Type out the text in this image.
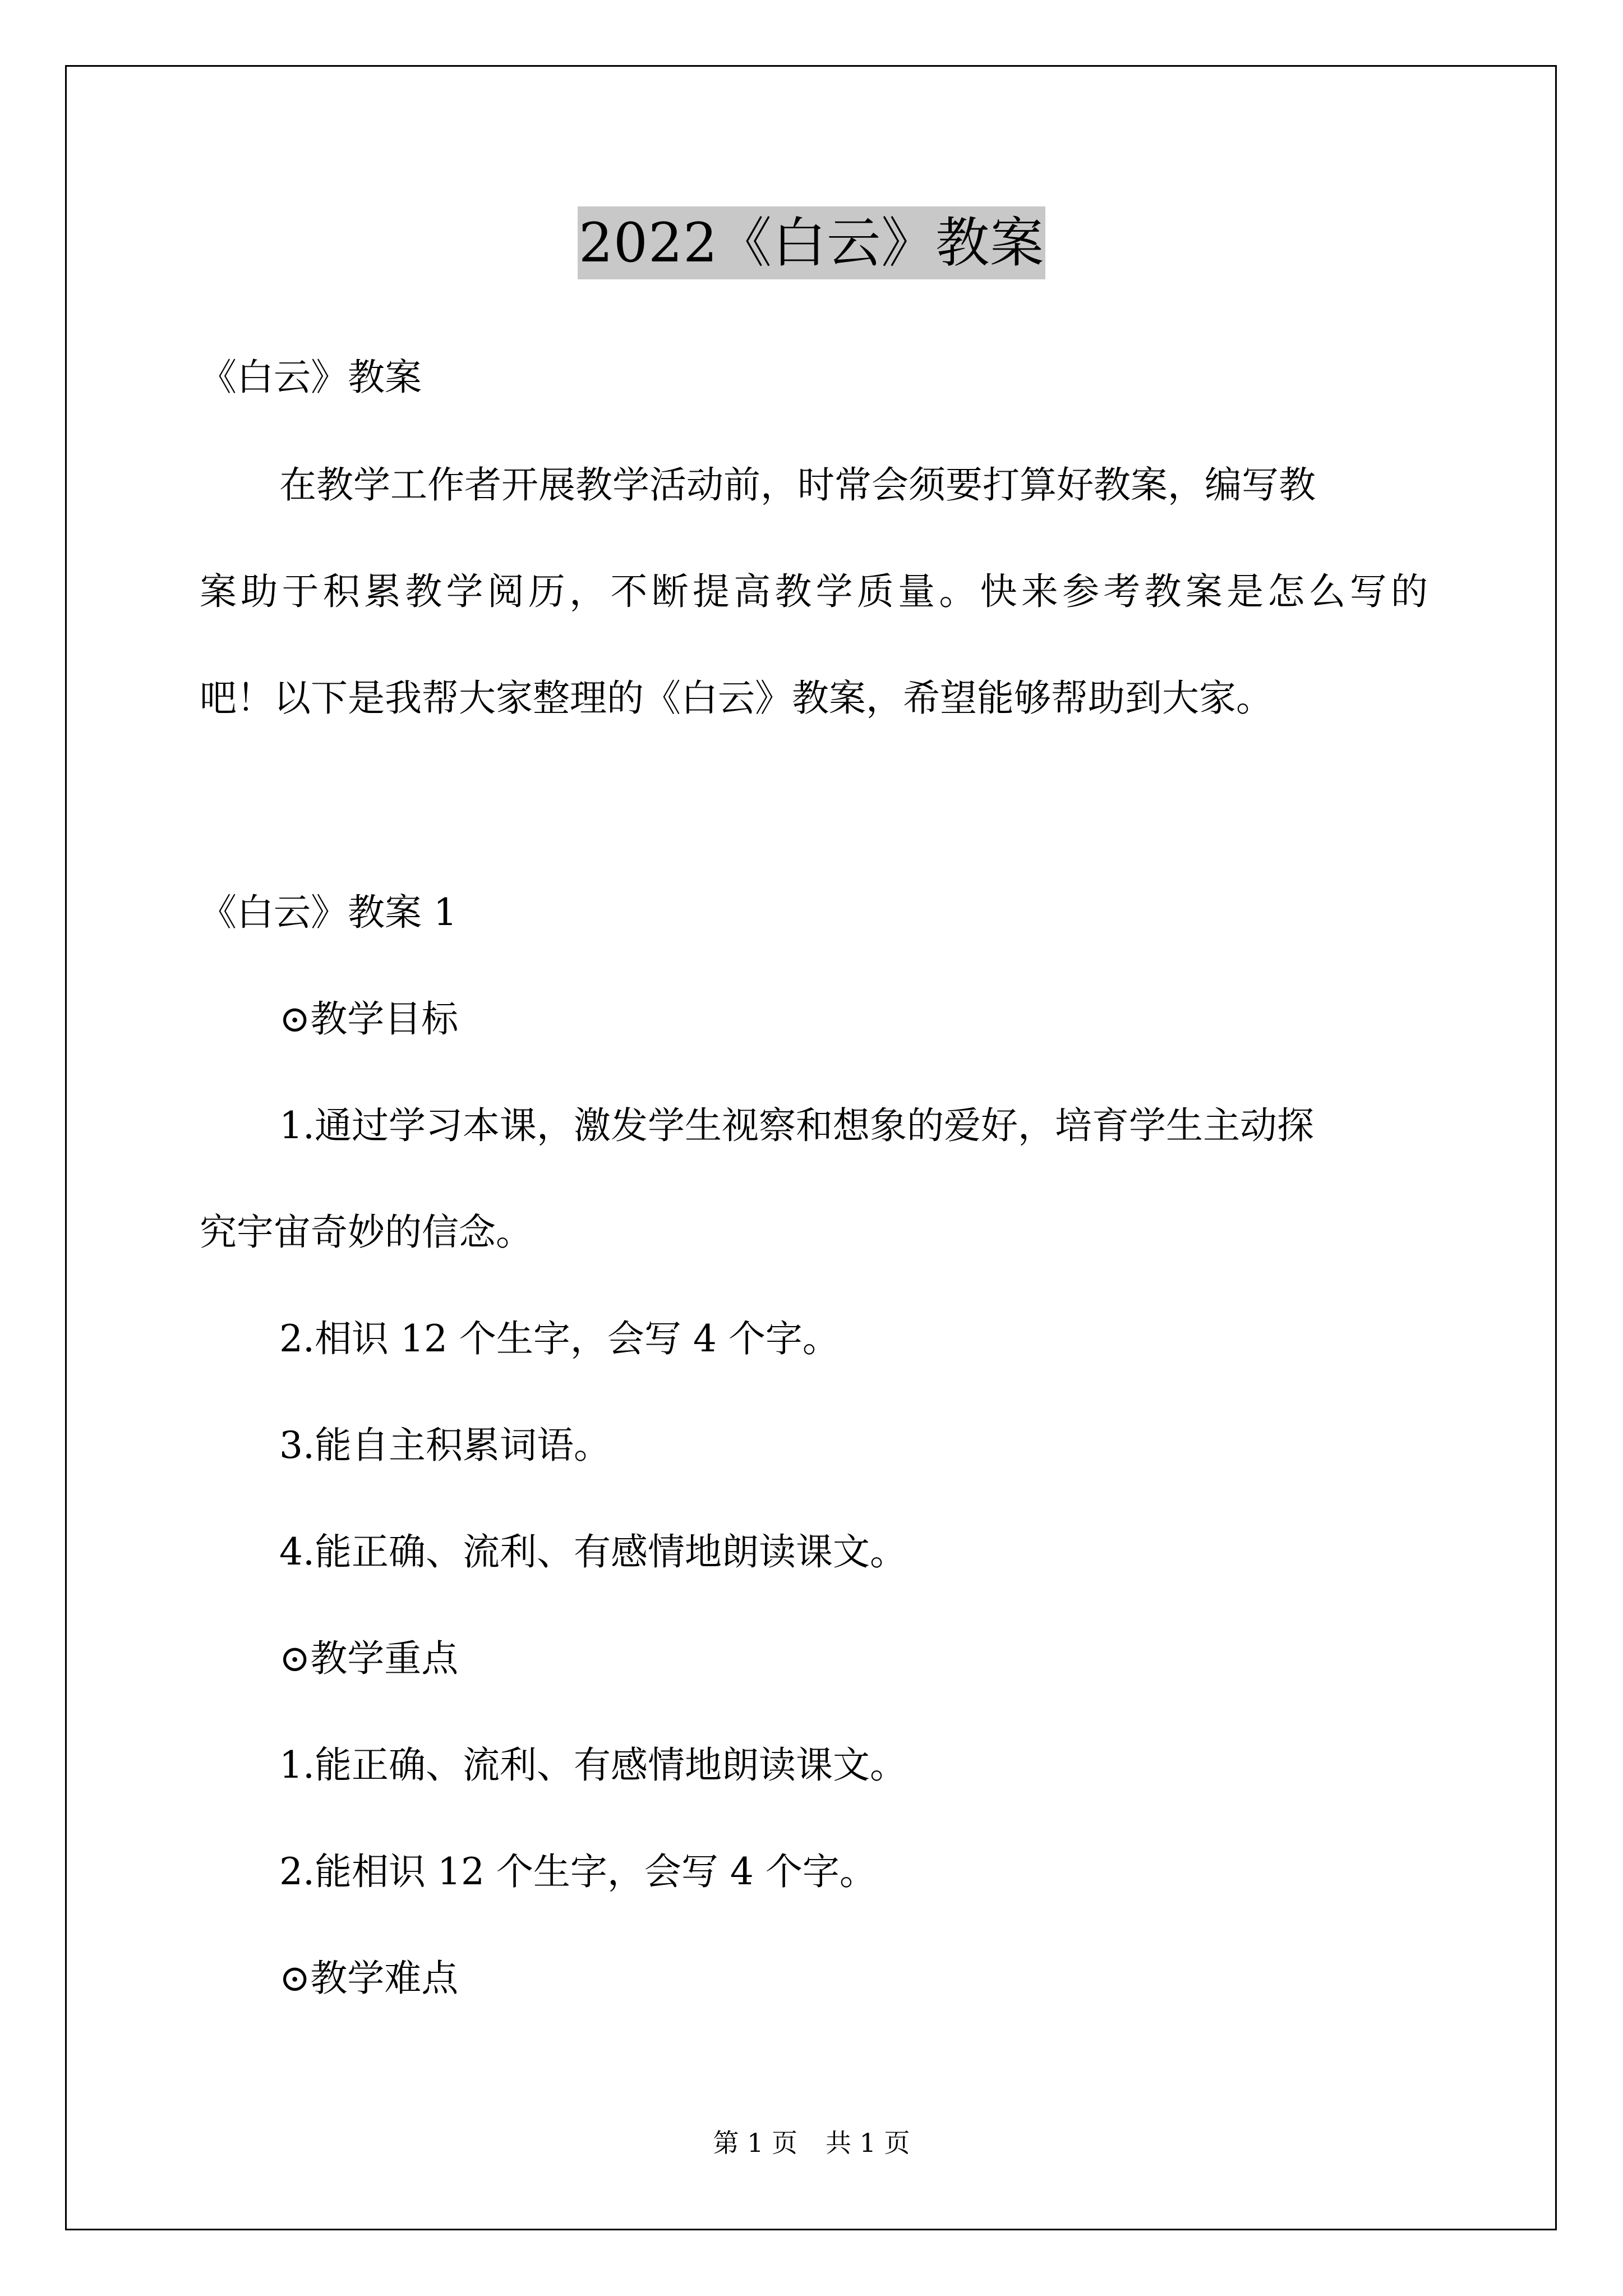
2022《白云》教案
《白云》教案
在教学工作者开展教学活动前，时常会须要打算好教案，编写教
案助于积累教学阅历，不断提高教学质量。快来参考教案是怎么写的
吧！以下是我帮大家整理的《白云》教案，希望能够帮助到大家。
《白云》教案 1
⊙教学目标
1.通过学习本课，激发学生视察和想象的爱好，培育学生主动探
究宇宙奇妙的信念。
2.相识 12 个生字，会写 4 个字。
3.能自主积累词语。
4.能正确、流利、有感情地朗读课文。
⊙教学重点
1.能正确、流利、有感情地朗读课文。
2.能相识 12 个生字，会写 4 个字。
⊙教学难点
第 1 页 共 1 页
